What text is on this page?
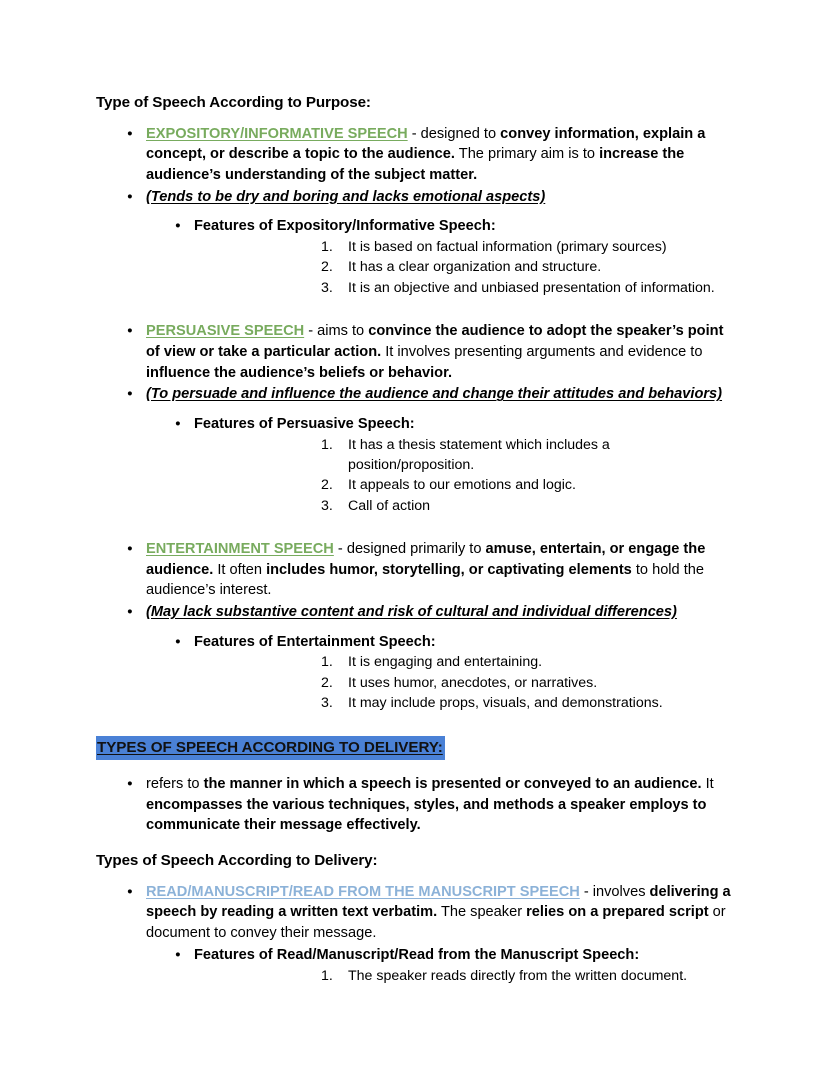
Type of Speech According to Purpose:
● EXPOSITORY/INFORMATIVE SPEECH - designed to convey information, explain a concept, or describe a topic to the audience. The primary aim is to increase the audience’s understanding of the subject matter.
● (Tends to be dry and boring and lacks emotional aspects)
● Features of Expository/Informative Speech:
1.	It is based on factual information (primary sources)
2.	It has a clear organization and structure.
3.	It is an objective and unbiased presentation of information.
● PERSUASIVE SPEECH - aims to convince the audience to adopt the speaker’s point of view or take a particular action. It involves presenting arguments and evidence to influence the audience’s beliefs or behavior.
● (To persuade and influence the audience and change their attitudes and behaviors)
● Features of Persuasive Speech:
1.	It has a thesis statement which includes a position/proposition.
2.	It appeals to our emotions and logic.
3.	Call of action
● ENTERTAINMENT SPEECH - designed primarily to amuse, entertain, or engage the audience. It often includes humor, storytelling, or captivating elements to hold the audience’s interest.
● (May lack substantive content and risk of cultural and individual differences)
● Features of Entertainment Speech:
1.	It is engaging and entertaining.
2.	It uses humor, anecdotes, or narratives.
3.	It may include props, visuals, and demonstrations.
TYPES OF SPEECH ACCORDING TO DELIVERY:
● refers to the manner in which a speech is presented or conveyed to an audience. It encompasses the various techniques, styles, and methods a speaker employs to communicate their message effectively.
Types of Speech According to Delivery:
● READ/MANUSCRIPT/READ FROM THE MANUSCRIPT SPEECH - involves delivering a speech by reading a written text verbatim. The speaker relies on a prepared script or document to convey their message.
● Features of Read/Manuscript/Read from the Manuscript Speech:
1.	The speaker reads directly from the written document.
